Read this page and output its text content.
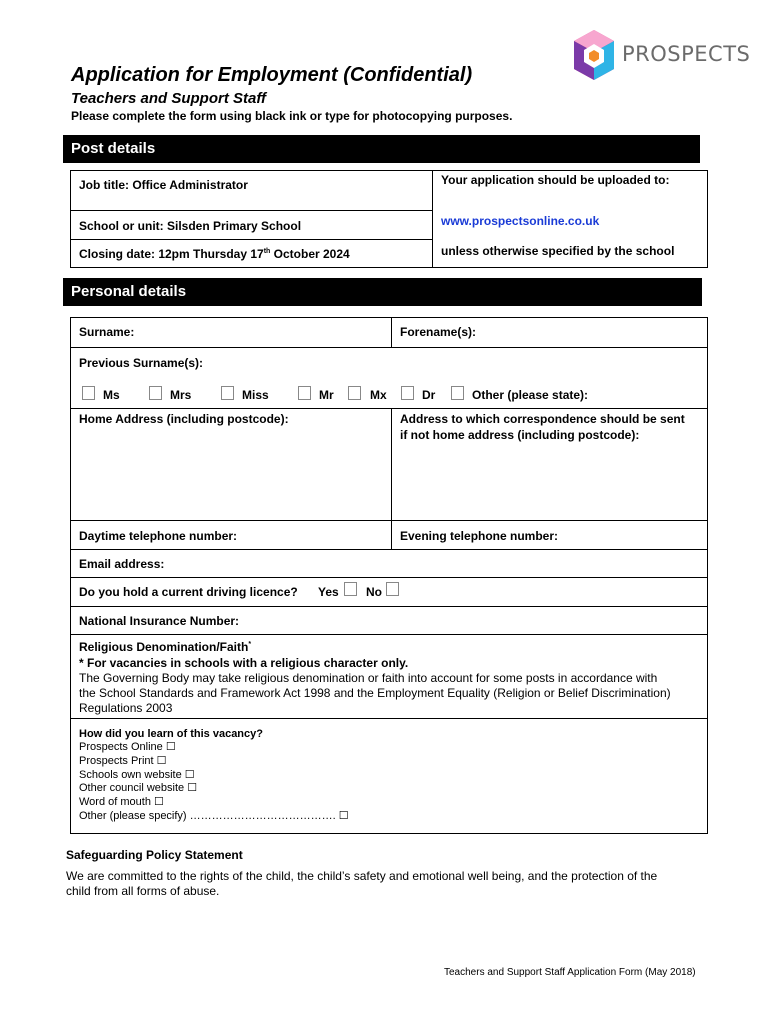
PROSPECTS
Application for Employment (Confidential)
Teachers and Support Staff
Please complete the form using black ink or type for photocopying purposes.
Post details
Job title: Office Administrator
School or unit: Silsden Primary School
Closing date: 12pm Thursday 17th October 2024
Your application should be uploaded to:
www.prospectsonline.co.uk
unless otherwise specified by the school
Personal details
Surname:	Forename(s):
Previous Surname(s):
Ms	Mrs	Miss	Mr	Mx	Dr	Other (please state):
Home Address (including postcode):	Address to which correspondence should be sent
if not home address (including postcode):
Daytime telephone number:	Evening telephone number:
Email address:
Do you hold a current driving licence? Yes No
National Insurance Number:
Religious Denomination/Faith*
* For vacancies in schools with a religious character only.
The Governing Body may take religious denomination or faith into account for some posts in accordance with
the School Standards and Framework Act 1998 and the Employment Equality (Religion or Belief Discrimination)
Regulations 2003
How did you learn of this vacancy?
Prospects Online ☐
Prospects Print ☐
Schools own website ☐
Other council website ☐
Word of mouth ☐
Other (please specify) …………………………………. ☐
Safeguarding Policy Statement
We are committed to the rights of the child, the child’s safety and emotional well being, and the protection of the
child from all forms of abuse.
Teachers and Support Staff Application Form (May 2018)
